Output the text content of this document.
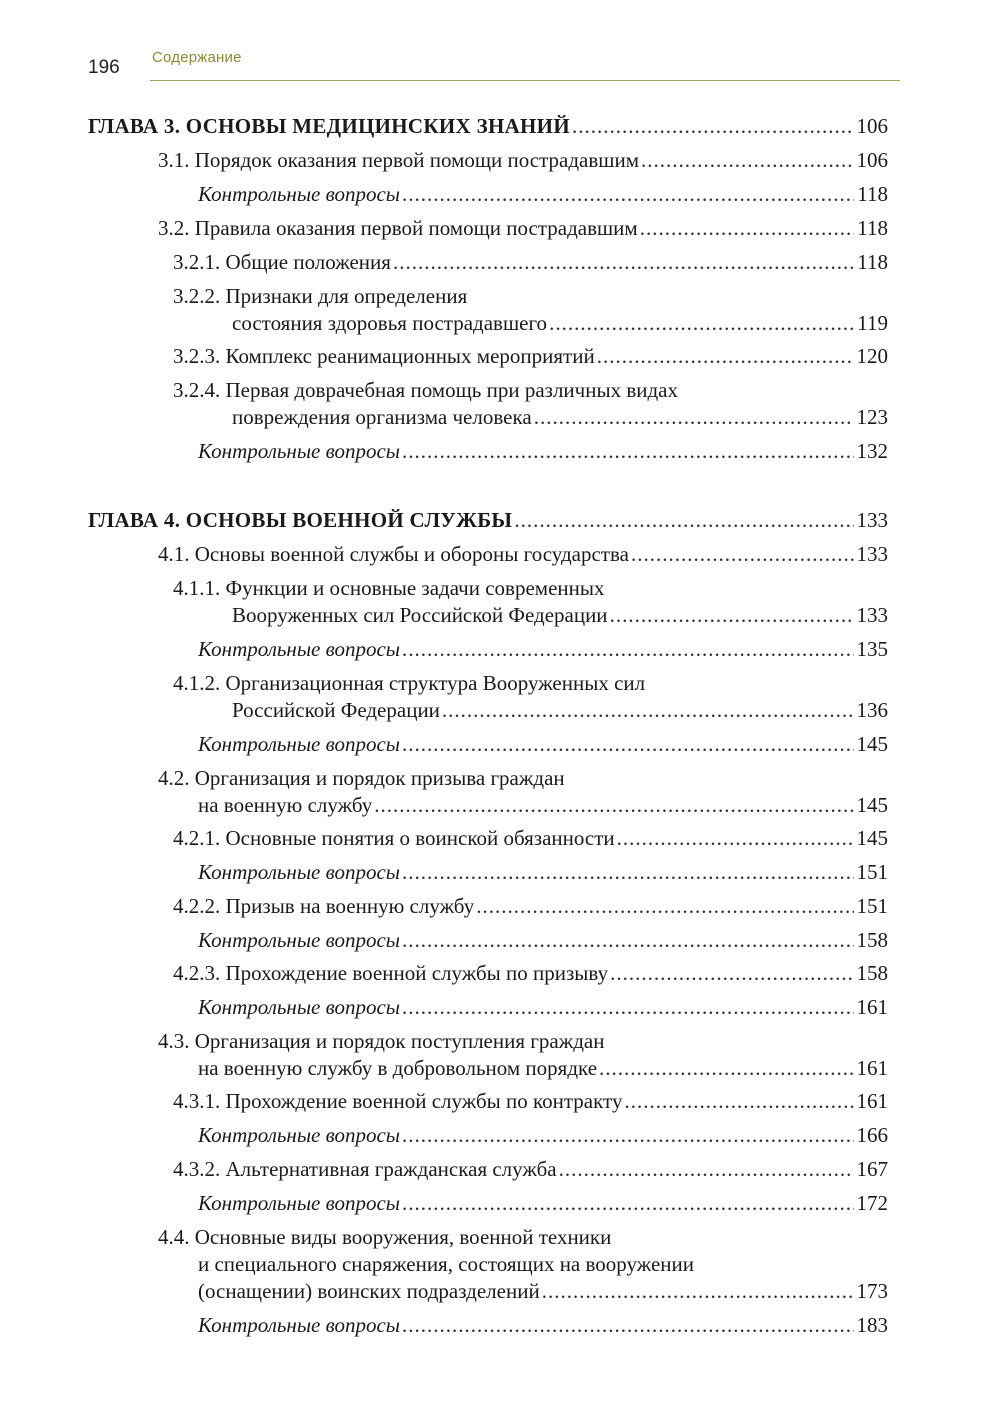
196 Содержание
ГЛАВА 3. ОСНОВЫ МЕДИЦИНСКИХ ЗНАНИЙ .....	106
3.1. Порядок оказания первой помощи пострадавшим .....	106
Контрольные вопросы .....	118
3.2. Правила оказания первой помощи пострадавшим .....	118
3.2.1. Общие положения .....	118
3.2.2. Признаки для определения
состояния здоровья пострадавшего .....	119
3.2.3. Комплекс реанимационных мероприятий .....	120
3.2.4. Первая доврачебная помощь при различных видах
повреждения организма человека .....	123
Контрольные вопросы .....	132
ГЛАВА 4. ОСНОВЫ ВОЕННОЙ СЛУЖБЫ .....	133
4.1. Основы военной службы и обороны государства .....	133
4.1.1. Функции и основные задачи современных
Вооруженных сил Российской Федерации .....	133
Контрольные вопросы .....	135
4.1.2. Организационная структура Вооруженных сил
Российской Федерации .....	136
Контрольные вопросы .....	145
4.2. Организация и порядок призыва граждан
на военную службу .....	145
4.2.1. Основные понятия о воинской обязанности .....	145
Контрольные вопросы .....	151
4.2.2. Призыв на военную службу .....	151
Контрольные вопросы .....	158
4.2.3. Прохождение военной службы по призыву .....	158
Контрольные вопросы .....	161
4.3. Организация и порядок поступления граждан
на военную службу в добровольном порядке .....	161
4.3.1. Прохождение военной службы по контракту .....	161
Контрольные вопросы .....	166
4.3.2. Альтернативная гражданская служба .....	167
Контрольные вопросы .....	172
4.4. Основные виды вооружения, военной техники
и специального снаряжения, состоящих на вооружении
(оснащении) воинских подразделений .....	173
Контрольные вопросы .....	183
